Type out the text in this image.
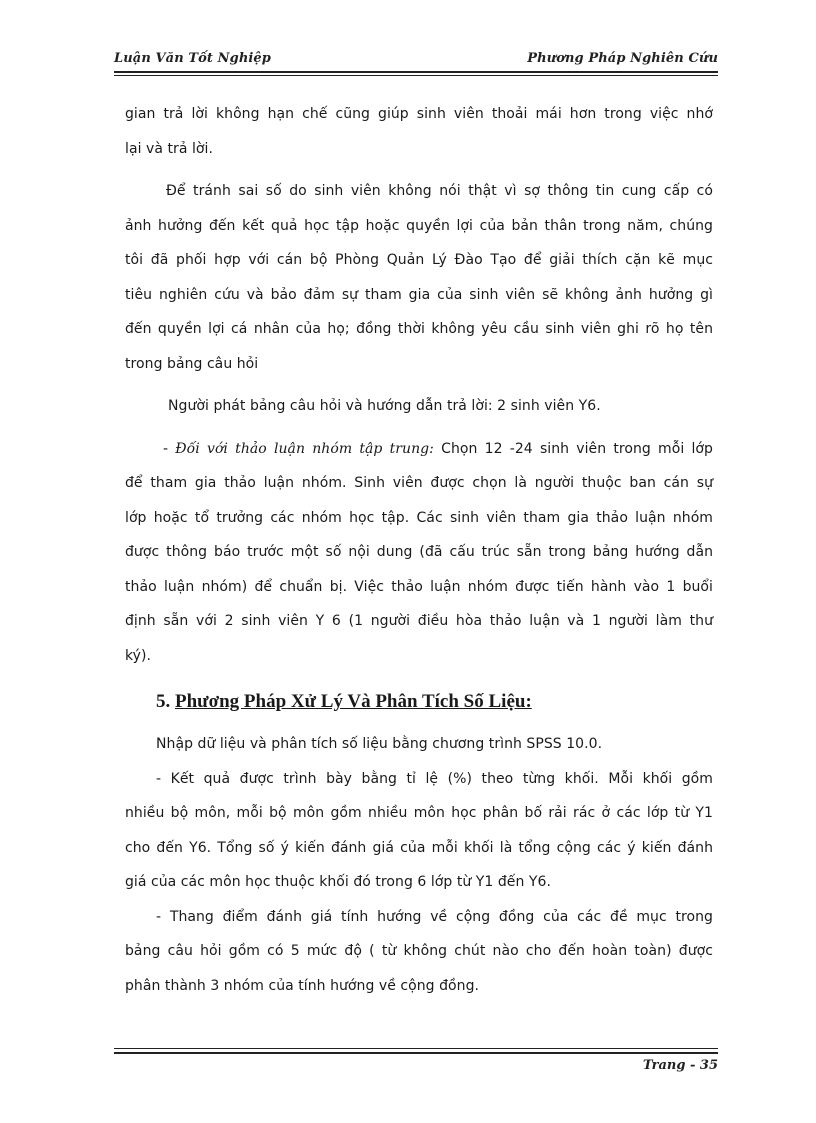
Luận Văn Tốt Nghiệp	Phương Pháp Nghiên Cứu
gian trả lời không hạn chế cũng giúp sinh viên thoải mái hơn trong việc nhớ
lại và trả lời.
Để tránh sai số do sinh viên không nói thật vì sợ thông tin cung cấp có
ảnh hưởng đến kết quả học tập hoặc quyền lợi của bản thân trong năm, chúng
tôi đã phối hợp với cán bộ Phòng Quản Lý Đào Tạo để giải thích cặn kẽ mục
tiêu nghiên cứu và bảo đảm sự tham gia của sinh viên sẽ không ảnh hưởng gì
đến quyền lợi cá nhân của họ; đồng thời không yêu cầu sinh viên ghi rõ họ tên
trong bảng câu hỏi
Người phát bảng câu hỏi và hướng dẫn trả lời: 2 sinh viên Y6.
- Đối với thảo luận nhóm tập trung: Chọn 12 -24 sinh viên trong mỗi lớp
để tham gia thảo luận nhóm. Sinh viên được chọn là người thuộc ban cán sự
lớp hoặc tổ trưởng các nhóm học tập. Các sinh viên tham gia thảo luận nhóm
được thông báo trước một số nội dung (đã cấu trúc sẵn trong bảng hướng dẫn
thảo luận nhóm) để chuẩn bị. Việc thảo luận nhóm được tiến hành vào 1 buổi
định sẵn với 2 sinh viên Y 6 (1 người điều hòa thảo luận và 1 người làm thư
ký).
5. Phương Pháp Xử Lý Và Phân Tích Số Liệu:
Nhập dữ liệu và phân tích số liệu bằng chương trình SPSS 10.0.
- Kết quả được trình bày bằng tỉ lệ (%) theo từng khối. Mỗi khối gồm
nhiều bộ môn, mỗi bộ môn gồm nhiều môn học phân bố rải rác ở các lớp từ Y1
cho đến Y6. Tổng số ý kiến đánh giá của mỗi khối là tổng cộng các ý kiến đánh
giá của các môn học thuộc khối đó trong 6 lớp từ Y1 đến Y6.
- Thang điểm đánh giá tính hướng về cộng đồng của các đề mục trong
bảng câu hỏi gồm có 5 mức độ ( từ không chút nào cho đến hoàn toàn) được
phân thành 3 nhóm của tính hướng về cộng đồng.
Trang - 35
